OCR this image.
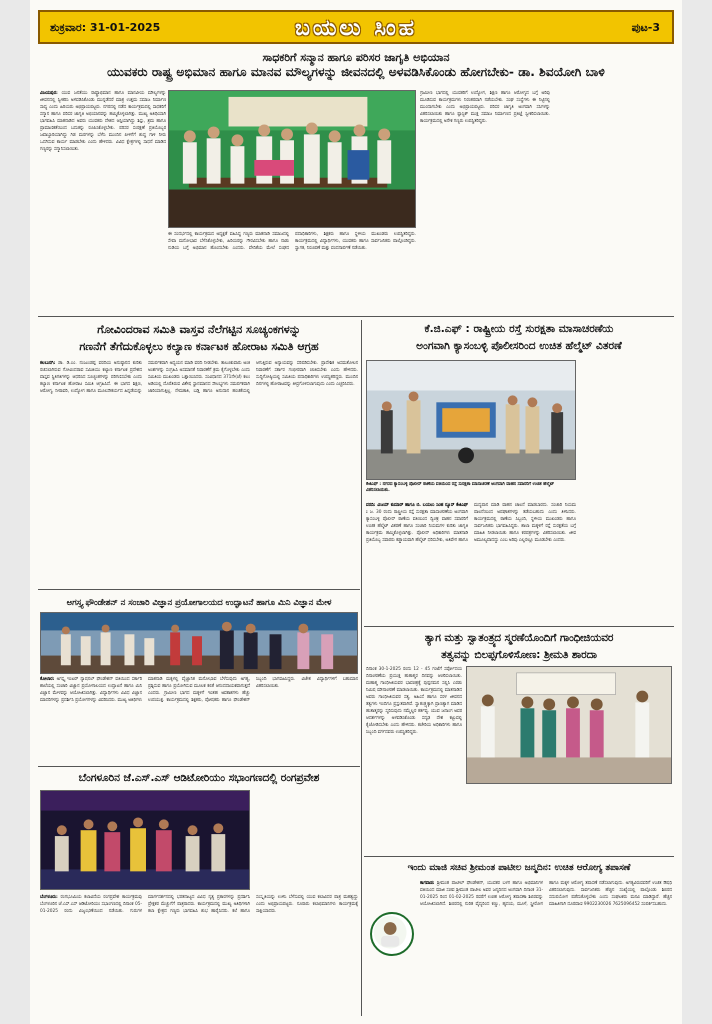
ಶುಕ್ರವಾರ: 31-01-2025	ಬಯಲು ಸಿಂಹ	ಪುಟ-3
ಸಾಧಕರಿಗೆ ಸನ್ಮಾನ ಹಾಗೂ ಪರಿಸರ ಜಾಗೃತಿ ಅಭಿಯಾನ
ಯುವಕರು ರಾಷ್ಟ್ರ ಅಭಿಮಾನ ಹಾಗೂ ಮಾನವ ಮೌಲ್ಯಗಳನ್ನು ಜೀವನದಲ್ಲಿ ಅಳವಡಿಸಿಕೊಂಡು ಹೋಗಬೇಕು- ಡಾ. ಶಿವಯೋಗಿ ಬಾಳಿ
ವಿಜಯಪುರ: ಯುವ ಜನತೆಯು ರಾಷ್ಟ್ರಾಭಿಮಾನ ಹಾಗೂ ಮಾನವೀಯ ಮೌಲ್ಯಗಳನ್ನು ಜೀವನದಲ್ಲಿ ಸ್ವೀಕರಿಸಿ ಅಳವಡಿಸಿಕೊಂಡು ಮುನ್ನಡೆದರೆ ಮಾತ್ರ ಉತ್ತಮ ಸಮಾಜ ನಿರ್ಮಾಣ ಸಾಧ್ಯ ಎಂದು ಹಿರಿಯರು ಅಭಿಪ್ರಾಯಪಟ್ಟರು. ನಗರದಲ್ಲಿ ನಡೆದ ಕಾರ್ಯಕ್ರಮದಲ್ಲಿ ಸಾಧಕರಿಗೆ ಸನ್ಮಾನ ಹಾಗೂ ಪರಿಸರ ಜಾಗೃತಿ ಅಭಿಯಾನವನ್ನು ಹಮ್ಮಿಕೊಳ್ಳಲಾಗಿತ್ತು. ಮುಖ್ಯ ಅತಿಥಿಯಾಗಿ ಭಾಗವಹಿಸಿ ಮಾತನಾಡಿದ ಅವರು ಯುವಕರು ದೇಶದ ಆಸ್ತಿಯಾಗಿದ್ದು ಶಿಸ್ತು, ಶ್ರಮ ಹಾಗೂ ಪ್ರಾಮಾಣಿಕತೆಯಿಂದ ಬದುಕನ್ನು ರೂಪಿಸಿಕೊಳ್ಳಬೇಕು. ಪರಿಸರ ಸಂರಕ್ಷಣೆ ಪ್ರತಿಯೊಬ್ಬರ ಜವಾಬ್ದಾರಿಯಾಗಿದ್ದು ಗಿಡ ಮರಗಳನ್ನು ಬೆಳೆಸಿ ಮುಂದಿನ ಪೀಳಿಗೆಗೆ ಶುದ್ಧ ಗಾಳಿ ನೀರು ಒದಗಿಸುವ ಕಾರ್ಯ ಮಾಡಬೇಕು ಎಂದು ಹೇಳಿದರು. ವಿವಿಧ ಕ್ಷೇತ್ರಗಳಲ್ಲಿ ಸಾಧನೆ ಮಾಡಿದ ಗಣ್ಯರನ್ನು ಸನ್ಮಾನಿಸಲಾಯಿತು.
ಈ ಸಂದರ್ಭದಲ್ಲಿ ಕಾರ್ಯಕ್ರಮದ ಅಧ್ಯಕ್ಷತೆ ವಹಿಸಿದ್ದ ಗಣ್ಯರು ಮಾತನಾಡಿ ಸಮಾಜದಲ್ಲಿ ಸೇವಾ ಮನೋಭಾವ ಬೆಳೆಸಿಕೊಳ್ಳಬೇಕು, ಹಿರಿಯರನ್ನು ಗೌರವಿಸಬೇಕು ಹಾಗೂ ನಾಡು ನುಡಿಯ ಬಗ್ಗೆ ಅಭಿಮಾನ ಹೊಂದಬೇಕು ಎಂದರು. ವೇದಿಕೆಯ ಮೇಲೆ ಸಂಘದ ಪದಾಧಿಕಾರಿಗಳು, ಶಿಕ್ಷಕರು ಹಾಗೂ ಸ್ಥಳೀಯ ಮುಖಂಡರು ಉಪಸ್ಥಿತರಿದ್ದರು. ಕಾರ್ಯಕ್ರಮದಲ್ಲಿ ವಿದ್ಯಾರ್ಥಿಗಳು, ಯುವಕರು ಹಾಗೂ ಸಾರ್ವಜನಿಕರು ಪಾಲ್ಗೊಂಡಿದ್ದರು. ಸ್ವಾಗತ, ನಿರೂಪಣೆ ಮತ್ತು ವಂದನಾರ್ಪಣೆ ನಡೆಯಿತು.
ಗ್ರಾಮೀಣ ಭಾಗದಲ್ಲಿ ಯುವಕರಿಗೆ ಉದ್ಯೋಗ, ಶಿಕ್ಷಣ ಹಾಗೂ ಆರೋಗ್ಯದ ಬಗ್ಗೆ ಅರಿವು ಮೂಡಿಸುವ ಕಾರ್ಯಕ್ರಮಗಳು ನಿರಂತರವಾಗಿ ನಡೆಯಬೇಕು. ಸಂಘ ಸಂಸ್ಥೆಗಳು ಈ ನಿಟ್ಟಿನಲ್ಲಿ ಮುಂದಾಗಬೇಕು ಎಂದು ಅಭಿಪ್ರಾಯಪಟ್ಟರು. ಪರಿಸರ ಜಾಗೃತಿ ಅಂಗವಾಗಿ ಸಸಿಗಳನ್ನು ವಿತರಿಸಲಾಯಿತು ಹಾಗೂ ಪ್ಲಾಸ್ಟಿಕ್ ಮುಕ್ತ ಸಮಾಜ ನಿರ್ಮಾಣದ ಪ್ರತಿಜ್ಞೆ ಸ್ವೀಕರಿಸಲಾಯಿತು. ಕಾರ್ಯಕ್ರಮದಲ್ಲಿ ಅನೇಕ ಗಣ್ಯರು ಉಪಸ್ಥಿತರಿದ್ದರು.
ಗೋವಿಂದರಾವ ಸಮಿತಿ ವಾಸ್ತವ ನೆಲೆಗಟ್ಟಿನ ಸೂಚ್ಯಂಕಗಳನ್ನು
ಗಣನೆಗೆ ತೆಗೆದುಕೊಳ್ಳಲು ಕಲ್ಯಾಣ ಕರ್ನಾಟಕ ಹೋರಾಟ ಸಮಿತಿ ಆಗ್ರಹ
ಕಲಬುರಗಿ: ಡಾ. ಡಿ.ಎಂ. ನಂಜುಂಡಪ್ಪ ವರದಿಯ ಅನುಷ್ಠಾನದ ಕುರಿತು ರಚಿಸಲಾಗಿರುವ ಗೋವಿಂದರಾವ ಸಮಿತಿಯು ಕಲ್ಯಾಣ ಕರ್ನಾಟಕ ಪ್ರದೇಶದ ವಾಸ್ತವ ಸ್ಥಿತಿಗತಿಗಳನ್ನು ಆಧರಿಸಿದ ಸೂಚ್ಯಂಕಗಳನ್ನು ಪರಿಗಣಿಸಬೇಕು ಎಂದು ಕಲ್ಯಾಣ ಕರ್ನಾಟಕ ಹೋರಾಟ ಸಮಿತಿ ಆಗ್ರಹಿಸಿದೆ. ಈ ಭಾಗದ ಶಿಕ್ಷಣ, ಆರೋಗ್ಯ, ನೀರಾವರಿ, ಉದ್ಯೋಗ ಹಾಗೂ ಮೂಲಸೌಕರ್ಯದ ಹಿನ್ನಡೆಯನ್ನು ಸಮರ್ಪಕವಾಗಿ ಅಧ್ಯಯನ ಮಾಡಿ ವರದಿ ನೀಡಬೇಕು. ತಾಲೂಕುವಾರು ಅಂಕಿ ಅಂಶಗಳನ್ನು ಸಂಗ್ರಹಿಸಿ ಅಸಮಾನತೆ ನಿವಾರಣೆಗೆ ಕ್ರಮ ಕೈಗೊಳ್ಳಬೇಕು ಎಂದು ಸಮಿತಿಯ ಮುಖಂಡರು ಒತ್ತಾಯಿಸಿದರು. ಸಂವಿಧಾನದ 371ನೇ(ಜೆ) ಕಲಂ ಅಡಿಯಲ್ಲಿ ದೊರೆತಿರುವ ವಿಶೇಷ ಸ್ಥಾನಮಾನದ ಸೌಲಭ್ಯಗಳು ಸಮರ್ಪಕವಾಗಿ ಜಾರಿಯಾಗುತ್ತಿಲ್ಲ. ನೇಮಕಾತಿ, ಬಡ್ತಿ ಹಾಗೂ ಅನುದಾನ ಹಂಚಿಕೆಯಲ್ಲಿ ಆಗುತ್ತಿರುವ ಅನ್ಯಾಯವನ್ನು ಸರಿಪಡಿಸಬೇಕು. ಪ್ರಾದೇಶಿಕ ಅಸಮತೋಲನ ನಿವಾರಣೆಗೆ ಸರ್ಕಾರ ಗಂಭೀರವಾಗಿ ಚಿಂತಿಸಬೇಕು ಎಂದು ಹೇಳಿದರು. ಸುದ್ದಿಗೋಷ್ಠಿಯಲ್ಲಿ ಸಮಿತಿಯ ಪದಾಧಿಕಾರಿಗಳು ಉಪಸ್ಥಿತರಿದ್ದರು. ಮುಂದಿನ ದಿನಗಳಲ್ಲಿ ಹೋರಾಟವನ್ನು ತೀವ್ರಗೊಳಿಸಲಾಗುವುದು ಎಂದು ಎಚ್ಚರಿಸಿದರು.
ಕೆ.ಜಿ.ಎಫ್ : ರಾಷ್ಟ್ರೀಯ ರಸ್ತೆ ಸುರಕ್ಷತಾ ಮಾಸಾಚರಣೆಯ
ಅಂಗವಾಗಿ ಕ್ಯಾಸಂಬಳ್ಳಿ ಪೊಲೀಸರಿಂದ ಉಚಿತ ಹೆಲ್ಮೆಟ್ ವಿತರಣೆ
ಕೆಜಿಎಫ್ : ನಗರದ ಕ್ಯಾಸಂಬಳ್ಳಿ ಪೊಲೀಸ್ ಠಾಣೆಯ ವತಿಯಿಂದ ರಸ್ತೆ ಸುರಕ್ಷತಾ ಮಾಸಾಚರಣೆ ಅಂಗವಾಗಿ ವಾಹನ ಸವಾರರಿಗೆ ಉಚಿತ ಹೆಲ್ಮೆಟ್ ವಿತರಿಸಲಾಯಿತು.
ವರದಿ: ವಿಜಯ್ ಕುಮಾರ್ ಹಾಗೂ ಬಿ. ಬಯಲು ಸಿಂಹ ನ್ಯೂಸ್ ಕೆಜಿಎಫ್ : ಜ. 30 ರಂದು ರಾಷ್ಟ್ರೀಯ ರಸ್ತೆ ಸುರಕ್ಷತಾ ಮಾಸಾಚರಣೆಯ ಅಂಗವಾಗಿ ಕ್ಯಾಸಂಬಳ್ಳಿ ಪೊಲೀಸ್ ಠಾಣೆಯ ವತಿಯಿಂದ ದ್ವಿಚಕ್ರ ವಾಹನ ಸವಾರರಿಗೆ ಉಚಿತ ಹೆಲ್ಮೆಟ್ ವಿತರಣೆ ಹಾಗೂ ಸಂಚಾರಿ ನಿಯಮಗಳ ಕುರಿತು ಜಾಗೃತಿ ಕಾರ್ಯಕ್ರಮ ಹಮ್ಮಿಕೊಳ್ಳಲಾಗಿತ್ತು. ಪೊಲೀಸ್ ಅಧಿಕಾರಿಗಳು ಮಾತನಾಡಿ ಪ್ರತಿಯೊಬ್ಬ ಸವಾರರು ಕಡ್ಡಾಯವಾಗಿ ಹೆಲ್ಮೆಟ್ ಧರಿಸಬೇಕು, ಅತಿವೇಗ ಹಾಗೂ ಮದ್ಯಪಾನ ಮಾಡಿ ವಾಹನ ಚಾಲನೆ ಮಾಡಬಾರದು. ಸಂಚಾರಿ ನಿಯಮ ಪಾಲನೆಯಿಂದ ಅಪಘಾತಗಳನ್ನು ತಡೆಯಬಹುದು ಎಂದು ತಿಳಿಸಿದರು. ಕಾರ್ಯಕ್ರಮದಲ್ಲಿ ಠಾಣೆಯ ಸಿಬ್ಬಂದಿ, ಸ್ಥಳೀಯ ಮುಖಂಡರು ಹಾಗೂ ಸಾರ್ವಜನಿಕರು ಭಾಗವಹಿಸಿದ್ದರು. ಶಾಲಾ ಮಕ್ಕಳಿಗೆ ರಸ್ತೆ ಸುರಕ್ಷತೆಯ ಬಗ್ಗೆ ಮಾಹಿತಿ ನೀಡಲಾಯಿತು ಹಾಗೂ ಕರಪತ್ರಗಳನ್ನು ವಿತರಿಸಲಾಯಿತು. ಜೀವ ಅಮೂಲ್ಯವಾದದ್ದು ಎಂಬ ಅರಿವು ಎಲ್ಲರಲ್ಲೂ ಮೂಡಬೇಕು ಎಂದರು.
ಅಗಸ್ತ್ಯ ಫೌಂಡೇಶನ್ ನ ಸಂಚಾರಿ ವಿಜ್ಞಾನ ಪ್ರಯೋಗಾಲಯದ ಉದ್ಘಾಟನೆ ಹಾಗೂ ಮಿನಿ ವಿಜ್ಞಾನ ಮೇಳ
ಕೋಲಾರ: ಅಗಸ್ತ್ಯ ಇಂಟರ್ ನ್ಯಾಷನಲ್ ಫೌಂಡೇಶನ್ ವತಿಯಿಂದ ಸರ್ಕಾರಿ ಶಾಲೆಯಲ್ಲಿ ಸಂಚಾರಿ ವಿಜ್ಞಾನ ಪ್ರಯೋಗಾಲಯದ ಉದ್ಘಾಟನೆ ಹಾಗೂ ಮಿನಿ ವಿಜ್ಞಾನ ಮೇಳವನ್ನು ಆಯೋಜಿಸಲಾಗಿತ್ತು. ವಿದ್ಯಾರ್ಥಿಗಳು ವಿವಿಧ ವಿಜ್ಞಾನ ಮಾದರಿಗಳನ್ನು ಪ್ರದರ್ಶಿಸಿ ಪ್ರಯೋಗಗಳನ್ನು ವಿವರಿಸಿದರು. ಮುಖ್ಯ ಅತಿಥಿಗಳು ಮಾತನಾಡಿ ಮಕ್ಕಳಲ್ಲಿ ವೈಜ್ಞಾನಿಕ ಮನೋಭಾವ ಬೆಳೆಸುವುದು ಅಗತ್ಯ, ಪ್ರಶ್ನಿಸುವ ಹಾಗೂ ಪ್ರಯೋಗಿಸುವ ಮೂಲಕ ಕಲಿಕೆ ಆನಂದದಾಯಕವಾಗುತ್ತದೆ ಎಂದರು. ಗ್ರಾಮೀಣ ಭಾಗದ ಮಕ್ಕಳಿಗೆ ಇಂತಹ ಅವಕಾಶಗಳು ಹೆಚ್ಚು ಉಪಯುಕ್ತ. ಕಾರ್ಯಕ್ರಮದಲ್ಲಿ ಶಿಕ್ಷಕರು, ಪೋಷಕರು ಹಾಗೂ ಫೌಂಡೇಶನ್ ಸಿಬ್ಬಂದಿ ಭಾಗವಹಿಸಿದ್ದರು. ವಿಜೇತ ವಿದ್ಯಾರ್ಥಿಗಳಿಗೆ ಬಹುಮಾನ ವಿತರಿಸಲಾಯಿತು.
ಬೆಂಗಳೂರಿನ ಜೆ.ಎಸ್.ಎಸ್ ಆಡಿಟೋರಿಯಂ ಸಭಾಂಗಣದಲ್ಲಿ ರಂಗಪ್ರವೇಶ
ಬೆಂಗಳೂರು: ರಂಗಭೂಮಿಯ ಕಲಾವಿದೆಯ ರಂಗಪ್ರವೇಶ ಕಾರ್ಯಕ್ರಮವು ಬೆಂಗಳೂರಿನ ಜೆ.ಎಸ್.ಎಸ್ ಆಡಿಟೋರಿಯಂ ಸಭಾಂಗಣದಲ್ಲಿ ದಿನಾಂಕ 05-01-2025 ರಂದು ವಿಜೃಂಭಣೆಯಿಂದ ನಡೆಯಿತು. ಗುರುಗಳ ಮಾರ್ಗದರ್ಶನದಲ್ಲಿ ಭರತನಾಟ್ಯದ ವಿವಿಧ ನೃತ್ಯ ಪ್ರಕಾರಗಳನ್ನು ಪ್ರದರ್ಶಿಸಿ ಪ್ರೇಕ್ಷಕರ ಮೆಚ್ಚುಗೆಗೆ ಪಾತ್ರರಾದರು. ಕಾರ್ಯಕ್ರಮದಲ್ಲಿ ಮುಖ್ಯ ಅತಿಥಿಗಳಾಗಿ ಕಲಾ ಕ್ಷೇತ್ರದ ಗಣ್ಯರು ಭಾಗವಹಿಸಿ ಶುಭ ಹಾರೈಸಿದರು. ಕಲೆ ಹಾಗೂ ಸಂಸ್ಕೃತಿಯನ್ನು ಉಳಿಸಿ ಬೆಳೆಸುವಲ್ಲಿ ಯುವ ಕಲಾವಿದರ ಪಾತ್ರ ಮಹತ್ವದ್ದು ಎಂದು ಅಭಿಪ್ರಾಯಪಟ್ಟರು. ನೂರಾರು ಕಲಾಭಿಮಾನಿಗಳು ಕಾರ್ಯಕ್ರಮಕ್ಕೆ ಸಾಕ್ಷಿಯಾದರು.
ತ್ಯಾಗ ಮತ್ತು ಸ್ವಾತಂತ್ರ್ಯದ ಸ್ಮರಣೆಯೊಂದಿಗೆ ಗಾಂಧೀಜಿಯವರ
ತತ್ವವನ್ನು ಬಿಲಪ್ಪಗೊಳಿಸೋಣ: ಶ್ರೀಮತಿ ಶಾರದಾ
ದಿನಾಂಕ 30-1-2025 ರಂದು 12 - 45 ಗಂಟೆಗೆ ಸರ್ವೋದಯ ದಿನಾಚರಣೆಯ ಪ್ರಯುಕ್ತ ಹುತಾತ್ಮರ ದಿನವನ್ನು ಆಚರಿಸಲಾಯಿತು. ಮಹಾತ್ಮ ಗಾಂಧೀಜಿಯವರ ಭಾವಚಿತ್ರಕ್ಕೆ ಪುಷ್ಪನಮನ ಸಲ್ಲಿಸಿ ಎರಡು ನಿಮಿಷ ಮೌನಾಚರಣೆ ಮಾಡಲಾಯಿತು. ಕಾರ್ಯಕ್ರಮದಲ್ಲಿ ಮಾತನಾಡಿದ ಅವರು ಗಾಂಧೀಜಿಯವರ ಸತ್ಯ, ಅಹಿಂಸೆ ಹಾಗೂ ಸರಳ ಜೀವನದ ತತ್ವಗಳು ಇಂದಿಗೂ ಪ್ರಸ್ತುತವಾಗಿವೆ. ಸ್ವಾತಂತ್ರ್ಯಕ್ಕಾಗಿ ಪ್ರಾಣತ್ಯಾಗ ಮಾಡಿದ ಹುತಾತ್ಮರನ್ನು ಸ್ಮರಿಸುವುದು ನಮ್ಮೆಲ್ಲರ ಕರ್ತವ್ಯ. ಯುವ ಜನಾಂಗ ಅವರ ಆದರ್ಶಗಳನ್ನು ಅಳವಡಿಸಿಕೊಂಡು ಸದೃಢ ದೇಶ ಕಟ್ಟುವಲ್ಲಿ ಕೈಜೋಡಿಸಬೇಕು ಎಂದು ಹೇಳಿದರು. ಕಚೇರಿಯ ಅಧಿಕಾರಿಗಳು ಹಾಗೂ ಸಿಬ್ಬಂದಿ ವರ್ಗದವರು ಉಪಸ್ಥಿತರಿದ್ದರು.
ಇಂದು ಮಾಜಿ ಸಚಿವ ಶ್ರೀಮಂತ ಪಾಟೀಲ ಜನ್ಮದಿನ: ಉಚಿತ ಆರೋಗ್ಯ ತಪಾಸಣೆ
ಕಾಗವಾಡ: ಶ್ರೀಮಂತ ಪಾಟೀಲ್ ಫೌಂಡೇಶನ್, ಯುವಕರ ಬಳಗ ಹಾಗೂ ಅಭಿಮಾನಿಗಳ ವತಿಯಿಂದ ಮಾಜಿ ಸಚಿವ ಶ್ರೀಮಂತ ಪಾಟೀಲ ಅವರ ಜನ್ಮದಿನದ ಅಂಗವಾಗಿ ದಿನಾಂಕ 31-01-2025 ರಿಂದ 01-02-2025 ರವರೆಗೆ ಉಚಿತ ಆರೋಗ್ಯ ತಪಾಸಣಾ ಶಿಬಿರವನ್ನು ಆಯೋಜಿಸಲಾಗಿದೆ. ಶಿಬಿರದಲ್ಲಿ ನುರಿತ ವೈದ್ಯರಿಂದ ಕಣ್ಣು, ಹೃದಯ, ಮೂಳೆ, ಸ್ತ್ರೀರೋಗ ಹಾಗೂ ಮಕ್ಕಳ ಆರೋಗ್ಯ ತಪಾಸಣೆ ನಡೆಸಲಾಗುವುದು. ಅಗತ್ಯವಿರುವವರಿಗೆ ಉಚಿತ ಔಷಧಿ ವಿತರಿಸಲಾಗುವುದು. ಸಾರ್ವಜನಿಕರು ಹೆಚ್ಚಿನ ಸಂಖ್ಯೆಯಲ್ಲಿ ಪಾಲ್ಗೊಂಡು ಶಿಬಿರದ ಸದುಪಯೋಗ ಪಡೆದುಕೊಳ್ಳಬೇಕು ಎಂದು ಸಂಘಟಕರು ಮನವಿ ಮಾಡಿದ್ದಾರೆ. ಹೆಚ್ಚಿನ ಮಾಹಿತಿಗಾಗಿ ದೂರವಾಣಿ 9902230026 7625096452 ಸಂಪರ್ಕಿಸಬಹುದು.
